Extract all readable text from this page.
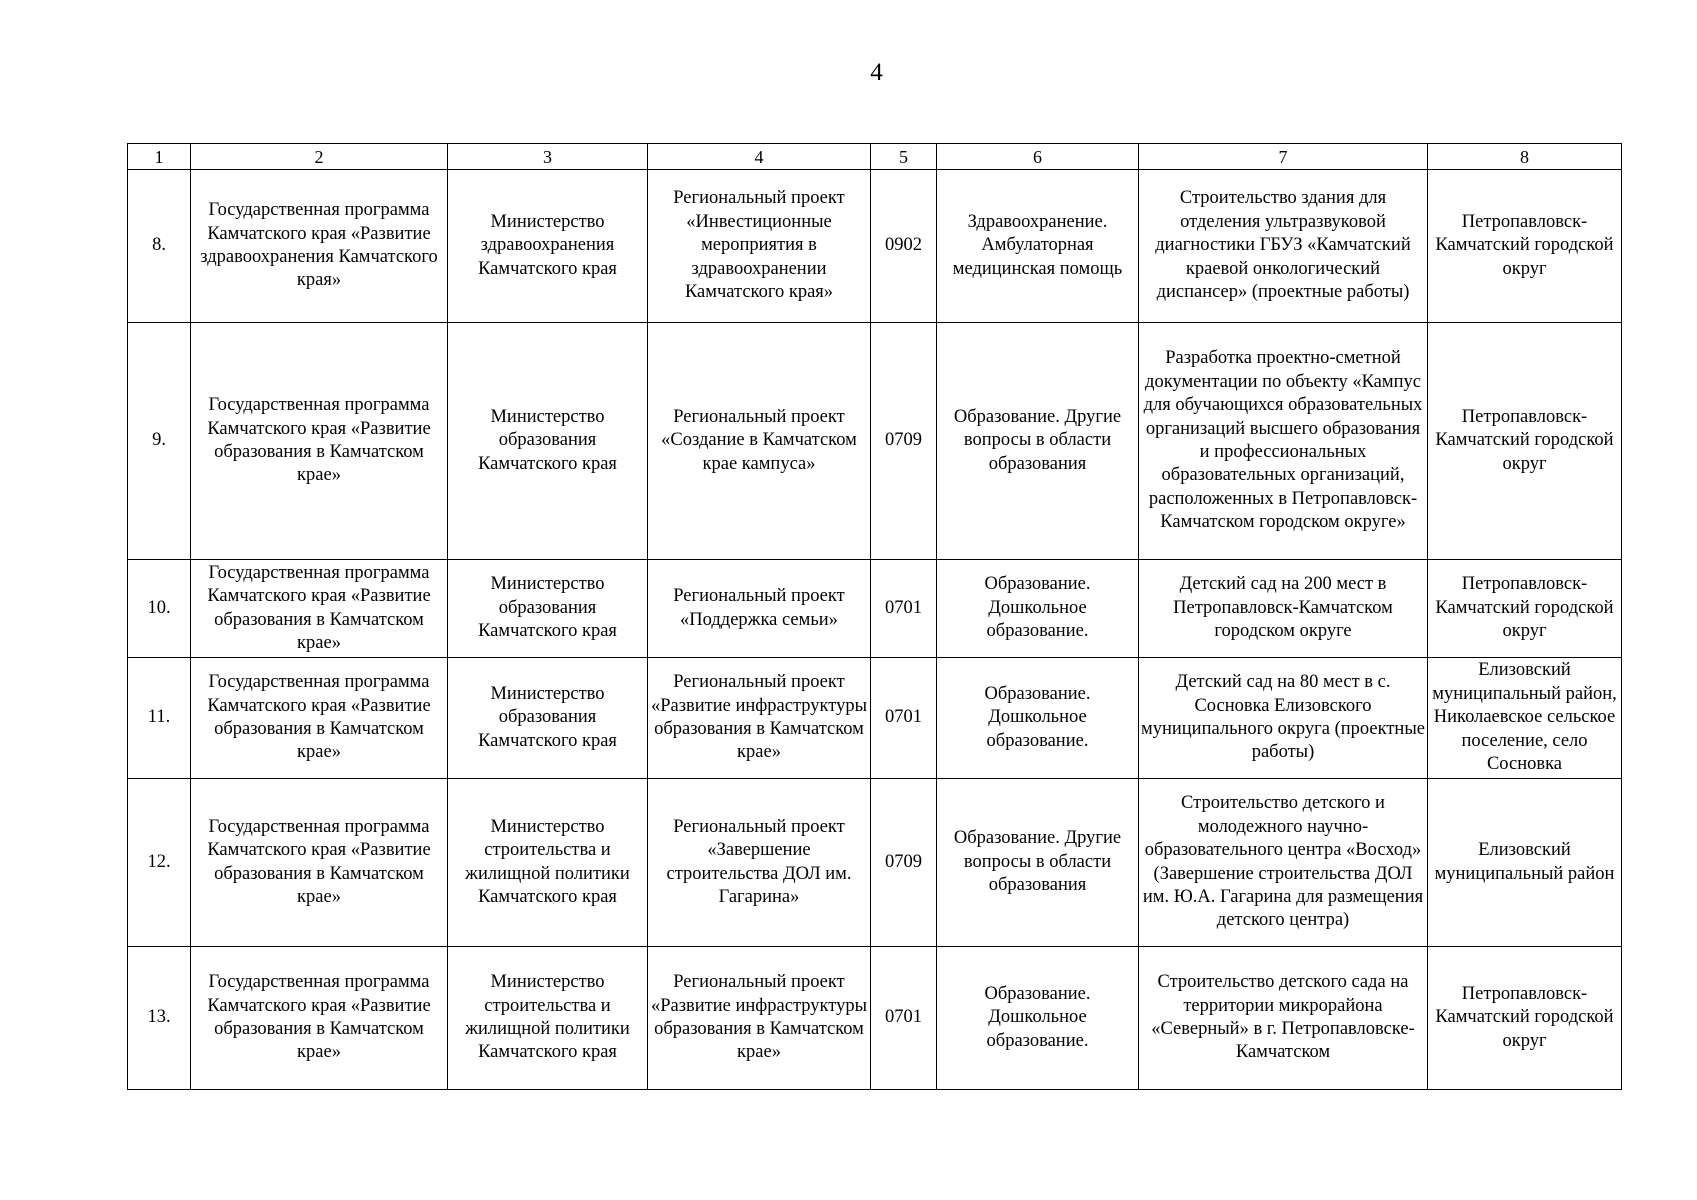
4
1	2	3	4	5	6	7	8
8.	Государственная программа Камчатского края «Развитие здравоохранения Камчатского края»	Министерство здравоохранения Камчатского края	Региональный проект «Инвестиционные мероприятия в здравоохранении Камчатского края»	0902	Здравоохранение. Амбулаторная медицинская помощь	Строительство здания для отделения ультразвуковой диагностики ГБУЗ «Камчатский краевой онкологический диспансер» (проектные работы)	Петропавловск-Камчатский городской округ
9.	Государственная программа Камчатского края «Развитие образования в Камчатском крае»	Министерство образования Камчатского края	Региональный проект «Создание в Камчатском крае кампуса»	0709	Образование. Другие вопросы в области образования	Разработка проектно-сметной документации по объекту «Кампус для обучающихся образовательных организаций высшего образования и профессиональных образовательных организаций, расположенных в Петропавловск-Камчатском городском округе»	Петропавловск-Камчатский городской округ
10.	Государственная программа Камчатского края «Развитие образования в Камчатском крае»	Министерство образования Камчатского края	Региональный проект «Поддержка семьи»	0701	Образование. Дошкольное образование.	Детский сад на 200 мест в Петропавловск-Камчатском городском округе	Петропавловск-Камчатский городской округ
11.	Государственная программа Камчатского края «Развитие образования в Камчатском крае»	Министерство образования Камчатского края	Региональный проект «Развитие инфраструктуры образования в Камчатском крае»	0701	Образование. Дошкольное образование.	Детский сад на 80 мест в с. Сосновка Елизовского муниципального округа (проектные работы)	Елизовский муниципальный район, Николаевское сельское поселение, село Сосновка
12.	Государственная программа Камчатского края «Развитие образования в Камчатском крае»	Министерство строительства и жилищной политики Камчатского края	Региональный проект «Завершение строительства ДОЛ им. Гагарина»	0709	Образование. Другие вопросы в области образования	Строительство детского и молодежного научно-образовательного центра «Восход» (Завершение строительства ДОЛ им. Ю.А. Гагарина для размещения детского центра)	Елизовский муниципальный район
13.	Государственная программа Камчатского края «Развитие образования в Камчатском крае»	Министерство строительства и жилищной политики Камчатского края	Региональный проект «Развитие инфраструктуры образования в Камчатском крае»	0701	Образование. Дошкольное образование.	Строительство детского сада на территории микрорайона «Северный» в г. Петропавловске-Камчатском	Петропавловск-Камчатский городской округ
